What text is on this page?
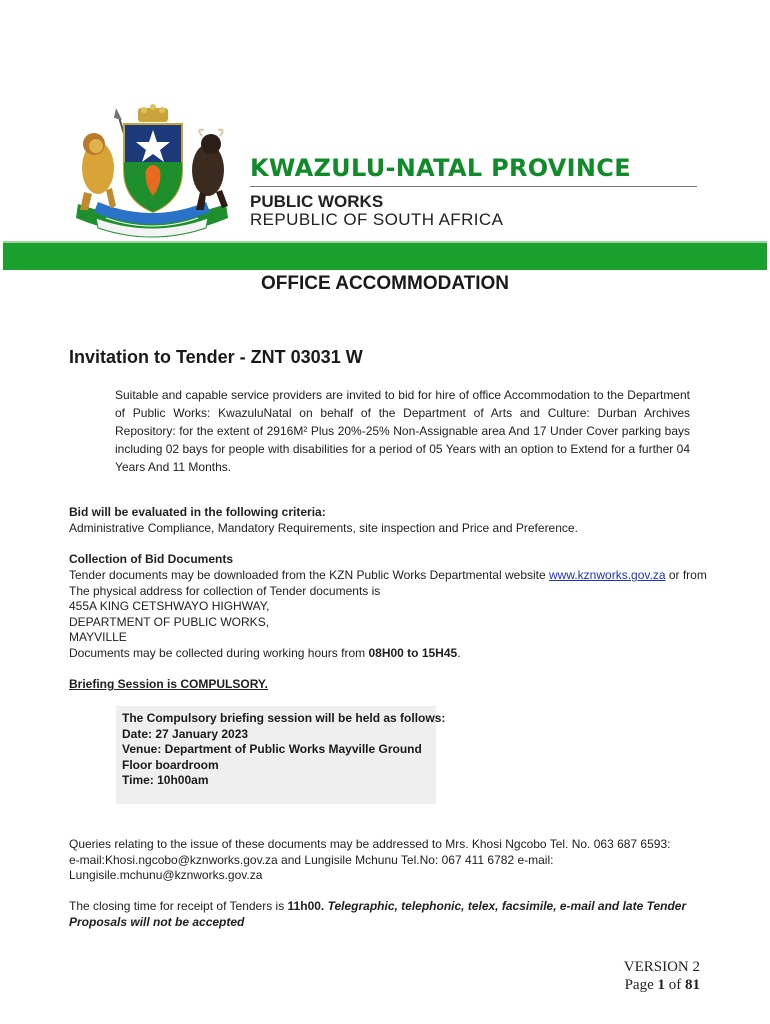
KWAZULU-NATAL PROVINCE
PUBLIC WORKS
REPUBLIC OF SOUTH AFRICA
OFFICE ACCOMMODATION
Invitation to Tender - ZNT 03031 W
Suitable and capable service providers are invited to bid for hire of office Accommodation to the Department of Public Works: KwazuluNatal on behalf of the Department of Arts and Culture: Durban Archives Repository: for the extent of 2916M² Plus 20%-25% Non-Assignable area And 17 Under Cover parking bays including 02 bays for people with disabilities for a period of 05 Years with an option to Extend for a further 04 Years And 11 Months.
Bid will be evaluated in the following criteria:
Administrative Compliance, Mandatory Requirements, site inspection and Price and Preference.
Collection of Bid Documents
Tender documents may be downloaded from the KZN Public Works Departmental website www.kznworks.gov.za or from
The physical address for collection of Tender documents is
455A KING CETSHWAYO HIGHWAY,
DEPARTMENT OF PUBLIC WORKS,
MAYVILLE
Documents may be collected during working hours from 08H00 to 15H45.
Briefing Session is COMPULSORY.
The Compulsory briefing session will be held as follows:
Date: 27 January 2023
Venue: Department of Public Works Mayville Ground
Floor boardroom
Time: 10h00am
Queries relating to the issue of these documents may be addressed to Mrs. Khosi Ngcobo Tel. No. 063 687 6593:
e-mail:Khosi.ngcobo@kznworks.gov.za and Lungisile Mchunu Tel.No: 067 411 6782 e-mail:
Lungisile.mchunu@kznworks.gov.za
The closing time for receipt of Tenders is 11h00. Telegraphic, telephonic, telex, facsimile, e-mail and late Tender
Proposals will not be accepted
VERSION 2
Page 1 of 81
